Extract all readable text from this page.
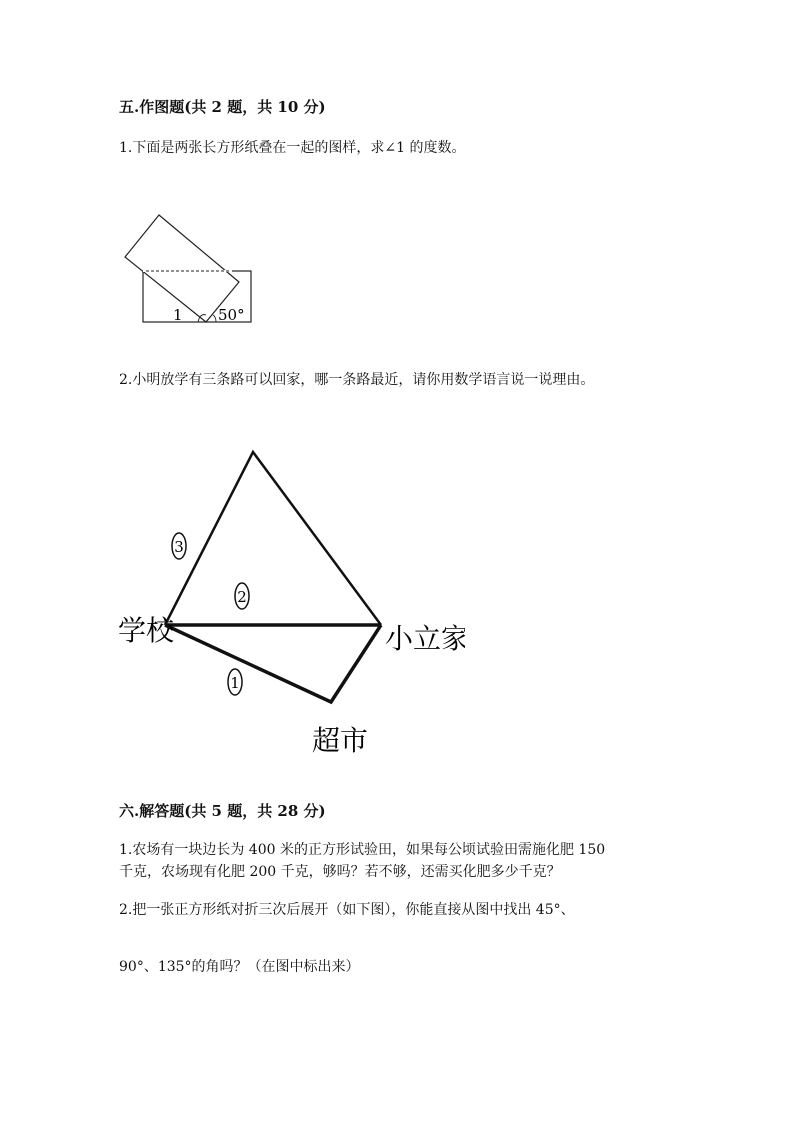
五.作图题(共 2 题，共 10 分)
1.下面是两张长方形纸叠在一起的图样，求∠1 的度数。
1 50°
2.小明放学有三条路可以回家，哪一条路最近，请你用数学语言说一说理由。
3
2
1
学校	小立家
超市
六.解答题(共 5 题，共 28 分)
1.农场有一块边长为 400 米的正方形试验田，如果每公顷试验田需施化肥 150
千克，农场现有化肥 200 千克，够吗？若不够，还需买化肥多少千克？
2.把一张正方形纸对折三次后展开（如下图），你能直接从图中找出 45°、
90°、135°的角吗？（在图中标出来）
